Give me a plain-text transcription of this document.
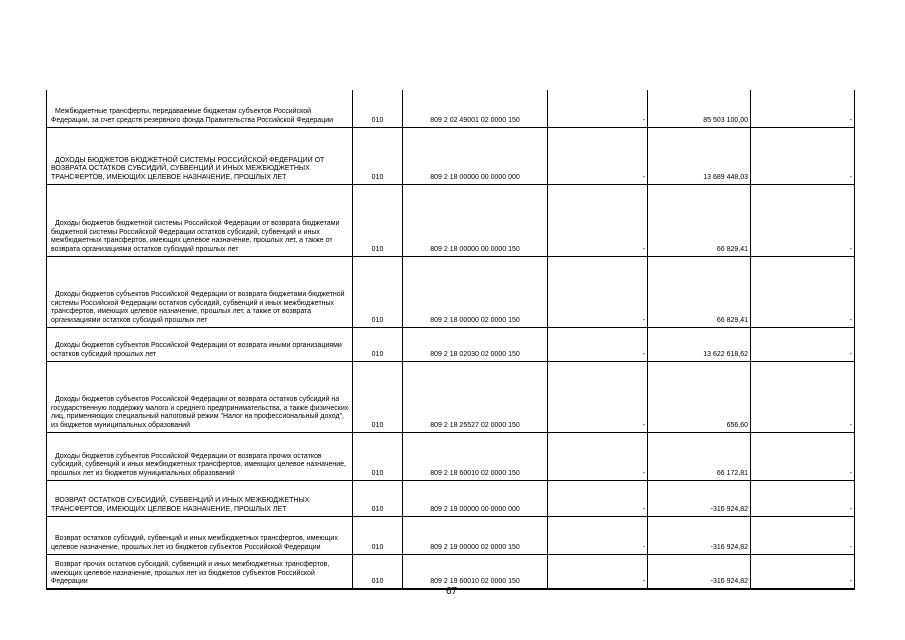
Межбюджетные трансферты, передаваемые бюджетам субъектов Российской Федерации, за счет средств резервного фонда Правительства Российской Федерации	010	809 2 02 49001 02 0000 150	-	85 503 100,00	-

ДОХОДЫ БЮДЖЕТОВ БЮДЖЕТНОЙ СИСТЕМЫ РОССИЙСКОЙ ФЕДЕРАЦИИ ОТ ВОЗВРАТА ОСТАТКОВ СУБСИДИЙ, СУБВЕНЦИЙ И ИНЫХ МЕЖБЮДЖЕТНЫХ ТРАНСФЕРТОВ, ИМЕЮЩИХ ЦЕЛЕВОЕ НАЗНАЧЕНИЕ, ПРОШЛЫХ ЛЕТ	010	809 2 18 00000 00 0000 000	-	13 689 448,03	-

Доходы бюджетов бюджетной системы Российской Федерации от возврата бюджетами бюджетной системы Российской Федерации остатков субсидий, субвенций и иных межбюджетных трансфертов, имеющих целевое назначение, прошлых лет, а также от возврата организациями остатков субсидий прошлых лет	010	809 2 18 00000 00 0000 150	-	66 829,41	-

Доходы бюджетов субъектов Российской Федерации от возврата бюджетами бюджетной системы Российской Федерации остатков субсидий, субвенций и иных межбюджетных трансфертов, имеющих целевое назначение, прошлых лет, а также от возврата организациями остатков субсидий прошлых лет	010	809 2 18 00000 02 0000 150	-	66 829,41	-

Доходы бюджетов субъектов Российской Федерации от возврата иными организациями остатков субсидий прошлых лет	010	809 2 18 02030 02 0000 150	-	13 622 618,62	-

Доходы бюджетов субъектов Российской Федерации от возврата остатков субсидий на государственную поддержку малого и среднего предпринимательства, а также физических лиц, применяющих специальный налоговый режим "Налог на профессиональный доход", из бюджетов муниципальных образований	010	809 2 18 25527 02 0000 150	-	656,60	-

Доходы бюджетов субъектов Российской Федерации от возврата прочих остатков субсидий, субвенций и иных межбюджетных трансфертов, имеющих целевое назначение, прошлых лет из бюджетов муниципальных образований	010	809 2 18 60010 02 0000 150	-	66 172,81	-

ВОЗВРАТ ОСТАТКОВ СУБСИДИЙ, СУБВЕНЦИЙ И ИНЫХ МЕЖБЮДЖЕТНЫХ ТРАНСФЕРТОВ, ИМЕЮЩИХ ЦЕЛЕВОЕ НАЗНАЧЕНИЕ, ПРОШЛЫХ ЛЕТ	010	809 2 19 00000 00 0000 000	-	-316 924,82	-

Возврат остатков субсидий, субвенций и иных межбюджетных трансфертов, имеющих целевое назначение, прошлых лет из бюджетов субъектов Российской Федерации	010	809 2 19 00000 02 0000 150	-	-316 924,82	-

Возврат прочих остатков субсидий, субвенций и иных межбюджетных трансфертов, имеющих целевое назначение, прошлых лет из бюджетов субъектов Российской Федерации	010	809 2 19 60010 02 0000 150	-	-316 924,82	-
67
